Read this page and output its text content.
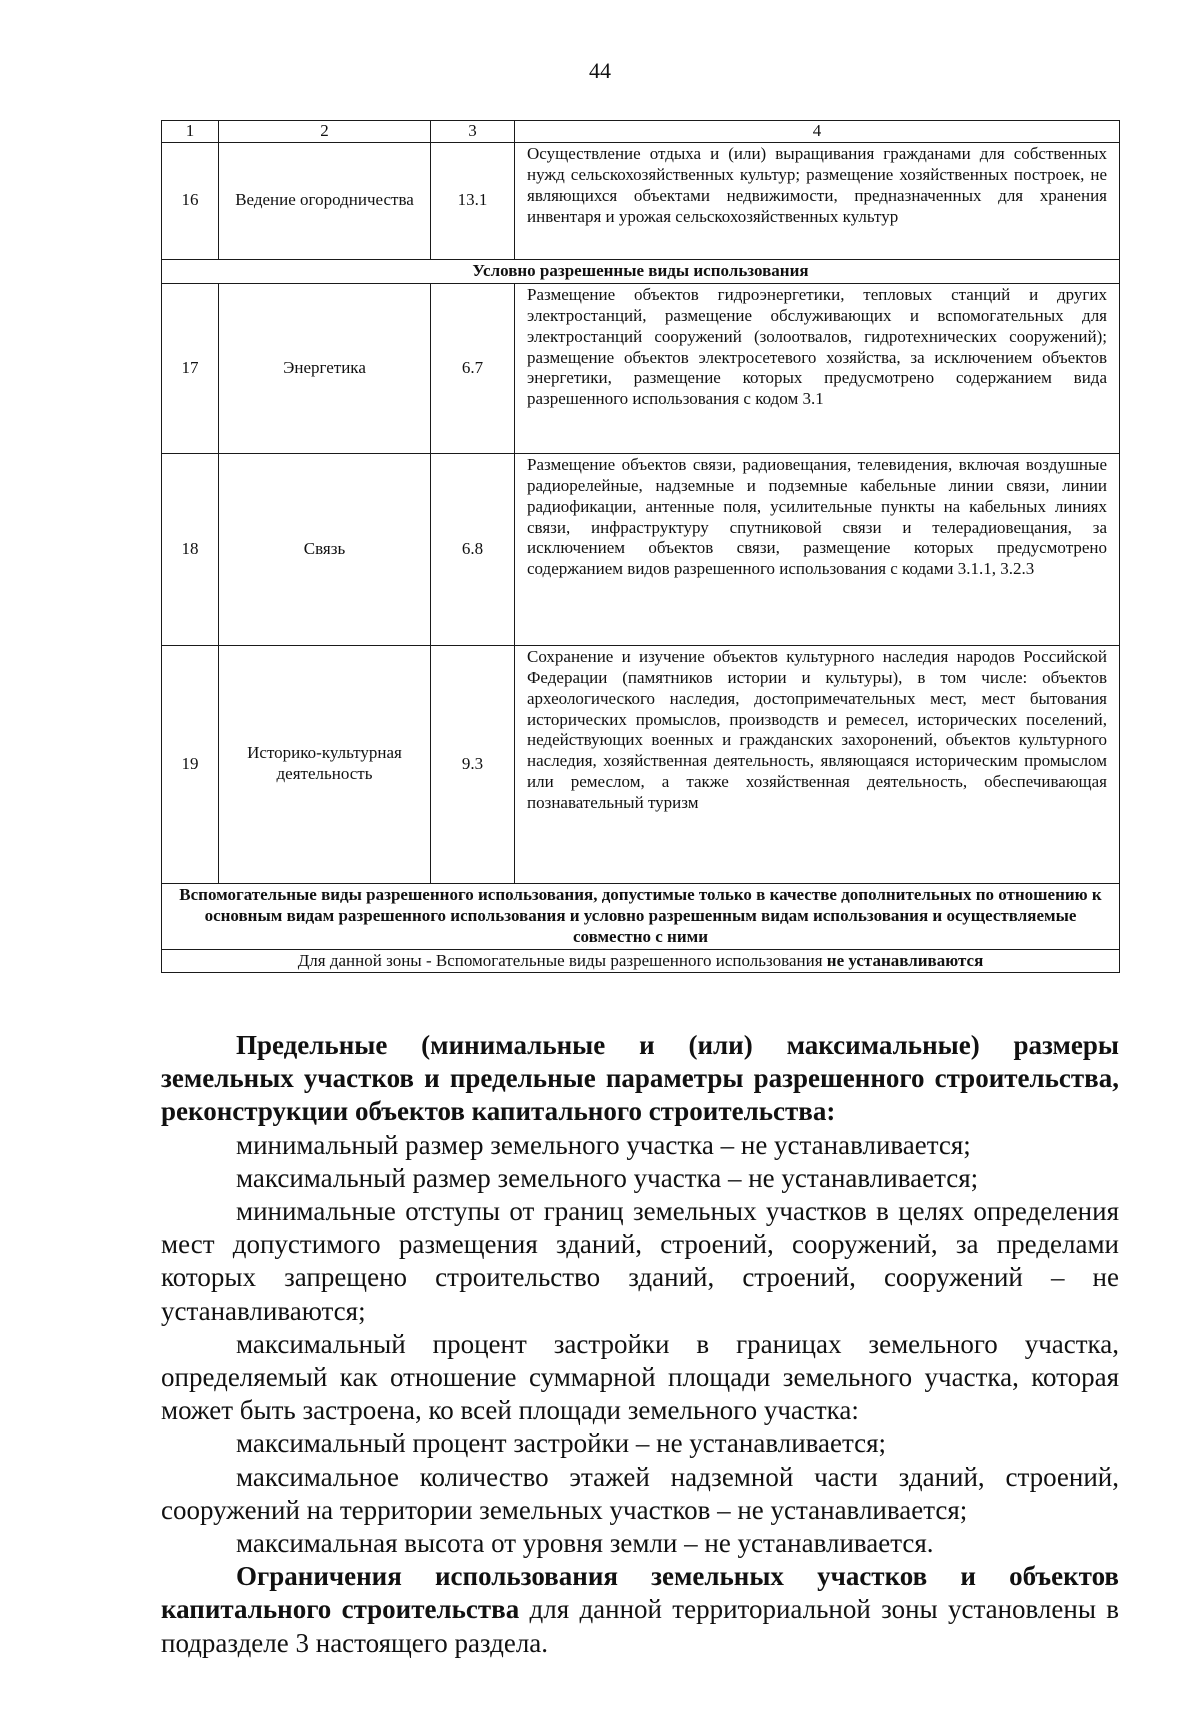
44
1	2	3	4
16	Ведение огородничества	13.1	Осуществление отдыха и (или) выращивания гражданами для собственных нужд сельскохозяйственных культур; размещение хозяйственных построек, не являющихся объектами недвижимости, предназначенных для хранения инвентаря и урожая сельскохозяйственных культур
Условно разрешенные виды использования			
17	Энергетика	6.7	Размещение объектов гидроэнергетики, тепловых станций и других электростанций, размещение обслуживающих и вспомогательных для электростанций сооружений (золоотвалов, гидротехнических сооружений); размещение объектов электросетевого хозяйства, за исключением объектов энергетики, размещение которых предусмотрено содержанием вида разрешенного использования с кодом 3.1
18	Связь	6.8	Размещение объектов связи, радиовещания, телевидения, включая воздушные радиорелейные, надземные и подземные кабельные линии связи, линии радиофикации, антенные поля, усилительные пункты на кабельных линиях связи, инфраструктуру спутниковой связи и телерадиовещания, за исключением объектов связи, размещение которых предусмотрено содержанием видов разрешенного использования с кодами 3.1.1, 3.2.3
19	Историко-культурная деятельность	9.3	Сохранение и изучение объектов культурного наследия народов Российской Федерации (памятников истории и культуры), в том числе: объектов археологического наследия, достопримечательных мест, мест бытования исторических промыслов, производств и ремесел, исторических поселений, недействующих военных и гражданских захоронений, объектов культурного наследия, хозяйственная деятельность, являющаяся историческим промыслом или ремеслом, а также хозяйственная деятельность, обеспечивающая познавательный туризм
Вспомогательные виды разрешенного использования, допустимые только в качестве дополнительных по отношению к основным видам разрешенного использования и условно разрешенным видам использования и осуществляемые совместно с ними			
Для данной зоны - Вспомогательные виды разрешенного использования не устанавливаются			

Предельные (минимальные и (или) максимальные) размеры земельных участков и предельные параметры разрешенного строительства, реконструкции объектов капитального строительства:

минимальный размер земельного участка – не устанавливается;

максимальный размер земельного участка – не устанавливается;

минимальные отступы от границ земельных участков в целях определения мест допустимого размещения зданий, строений, сооружений, за пределами которых запрещено строительство зданий, строений, сооружений – не устанавливаются;

максимальный процент застройки в границах земельного участка, определяемый как отношение суммарной площади земельного участка, которая может быть застроена, ко всей площади земельного участка:

максимальный процент застройки – не устанавливается;

максимальное количество этажей надземной части зданий, строений, сооружений на территории земельных участков – не устанавливается;

максимальная высота от уровня земли – не устанавливается.

Ограничения использования земельных участков и объектов капитального строительства для данной территориальной зоны установлены в подразделе 3 настоящего раздела.
